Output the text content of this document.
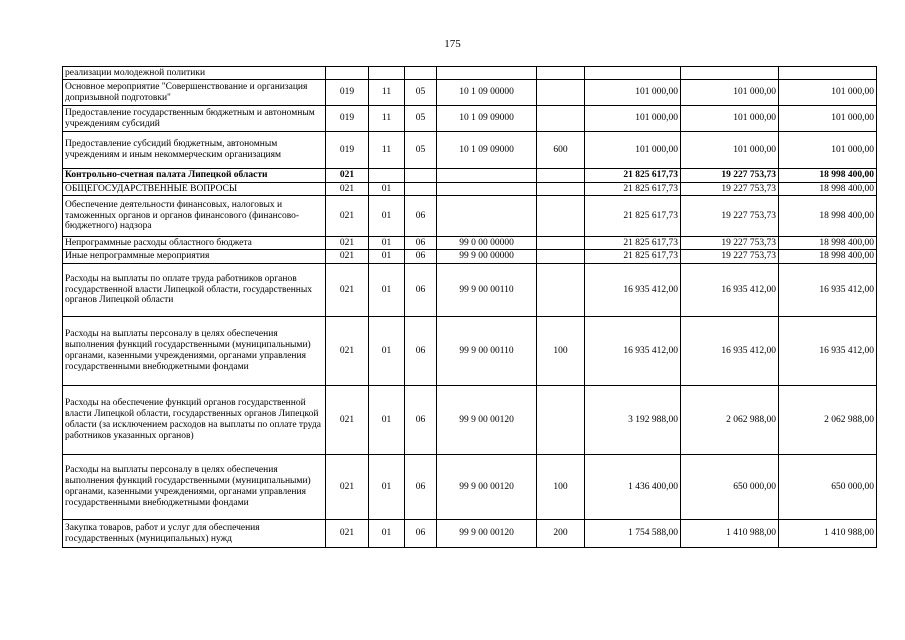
175
реализации молодежной политики								
Основное мероприятие "Совершенствование и организация допризывной подготовки"	019	11	05	10 1 09 00000		101 000,00	101 000,00	101 000,00
Предоставление государственным бюджетным и автономным учреждениям субсидий	019	11	05	10 1 09 09000		101 000,00	101 000,00	101 000,00
Предоставление субсидий бюджетным, автономным учреждениям и иным некоммерческим организациям	019	11	05	10 1 09 09000	600	101 000,00	101 000,00	101 000,00
Контрольно-счетная палата Липецкой области	021					21 825 617,73	19 227 753,73	18 998 400,00
ОБЩЕГОСУДАРСТВЕННЫЕ ВОПРОСЫ	021	01				21 825 617,73	19 227 753,73	18 998 400,00
Обеспечение деятельности финансовых, налоговых и таможенных органов и органов финансового (финансово-бюджетного) надзора	021	01	06			21 825 617,73	19 227 753,73	18 998 400,00
Непрограммные расходы областного бюджета	021	01	06	99 0 00 00000		21 825 617,73	19 227 753,73	18 998 400,00
Иные непрограммные мероприятия	021	01	06	99 9 00 00000		21 825 617,73	19 227 753,73	18 998 400,00
Расходы на выплаты по оплате труда работников органов государственной власти Липецкой области, государственных органов Липецкой области	021	01	06	99 9 00 00110		16 935 412,00	16 935 412,00	16 935 412,00
Расходы на выплаты персоналу в целях обеспечения выполнения функций государственными (муниципальными) органами, казенными учреждениями, органами управления государственными внебюджетными фондами	021	01	06	99 9 00 00110	100	16 935 412,00	16 935 412,00	16 935 412,00
Расходы на обеспечение функций органов государственной власти Липецкой области, государственных органов Липецкой области (за исключением расходов на выплаты по оплате труда работников указанных органов)	021	01	06	99 9 00 00120		3 192 988,00	2 062 988,00	2 062 988,00
Расходы на выплаты персоналу в целях обеспечения выполнения функций государственными (муниципальными) органами, казенными учреждениями, органами управления государственными внебюджетными фондами	021	01	06	99 9 00 00120	100	1 436 400,00	650 000,00	650 000,00
Закупка товаров, работ и услуг для обеспечения государственных (муниципальных) нужд	021	01	06	99 9 00 00120	200	1 754 588,00	1 410 988,00	1 410 988,00
